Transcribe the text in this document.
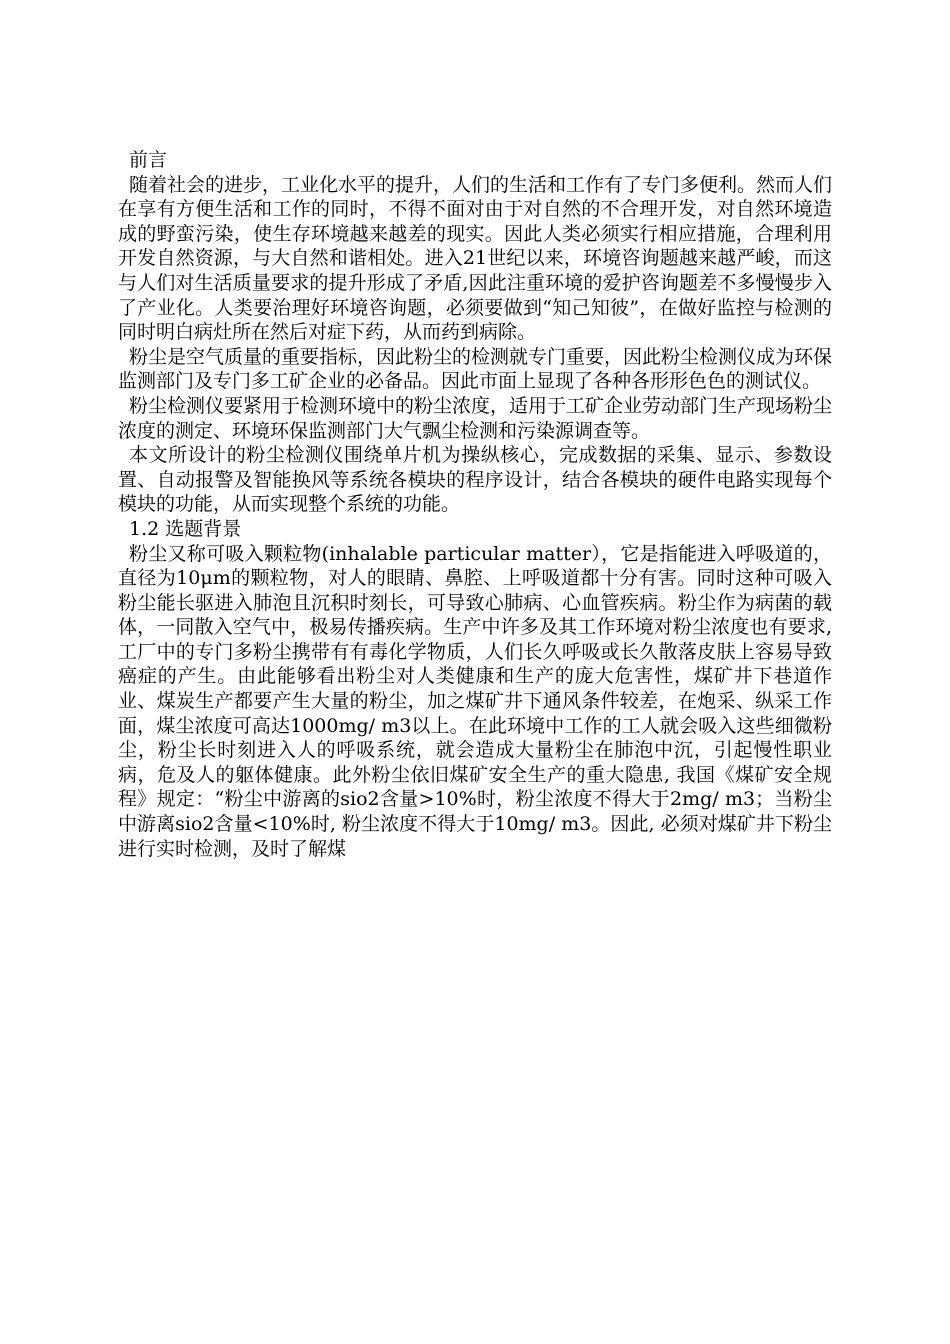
前言

随着社会的进步，工业化水平的提升，人们的生活和工作有了专门多便利。然而人们在享有方便生活和工作的同时，不得不面对由于对自然的不合理开发，对自然环境造成的野蛮污染，使生存环境越来越差的现实。因此人类必须实行相应措施，合理利用开发自然资源，与大自然和谐相处。进入21世纪以来，环境咨询题越来越严峻，而这与人们对生活质量要求的提升形成了矛盾,因此注重环境的爱护咨询题差不多慢慢步入了产业化。人类要治理好环境咨询题，必须要做到“知己知彼”，在做好监控与检测的同时明白病灶所在然后对症下药，从而药到病除。

粉尘是空气质量的重要指标，因此粉尘的检测就专门重要，因此粉尘检测仪成为环保监测部门及专门多工矿企业的必备品。因此市面上显现了各种各形形色色的测试仪。

粉尘检测仪要紧用于检测环境中的粉尘浓度，适用于工矿企业劳动部门生产现场粉尘浓度的测定、环境环保监测部门大气飘尘检测和污染源调查等。

本文所设计的粉尘检测仪围绕单片机为操纵核心，完成数据的采集、显示、参数设置、自动报警及智能换风等系统各模块的程序设计，结合各模块的硬件电路实现每个模块的功能，从而实现整个系统的功能。

1.2 选题背景

粉尘又称可吸入颗粒物(inhalable particular matter），它是指能进入呼吸道的，直径为10μm的颗粒物，对人的眼睛、鼻腔、上呼吸道都十分有害。同时这种可吸入粉尘能长驱进入肺泡且沉积时刻长，可导致心肺病、心血管疾病。粉尘作为病菌的载体，一同散入空气中，极易传播疾病。生产中许多及其工作环境对粉尘浓度也有要求,工厂中的专门多粉尘携带有有毒化学物质，人们长久呼吸或长久散落皮肤上容易导致癌症的产生。由此能够看出粉尘对人类健康和生产的庞大危害性，煤矿井下巷道作业、煤炭生产都要产生大量的粉尘，加之煤矿井下通风条件较差，在炮采、纵采工作面，煤尘浓度可高达1000mg/ m3以上。在此环境中工作的工人就会吸入这些细微粉尘，粉尘长时刻进入人的呼吸系统，就会造成大量粉尘在肺泡中沉，引起慢性职业病，危及人的躯体健康。此外粉尘依旧煤矿安全生产的重大隐患, 我国《煤矿安全规程》规定：“粉尘中游离的sio2含量>10%时，粉尘浓度不得大于2mg/ m3；当粉尘中游离sio2含量<10%时, 粉尘浓度不得大于10mg/ m3。因此, 必须对煤矿井下粉尘进行实时检测，及时了解煤
